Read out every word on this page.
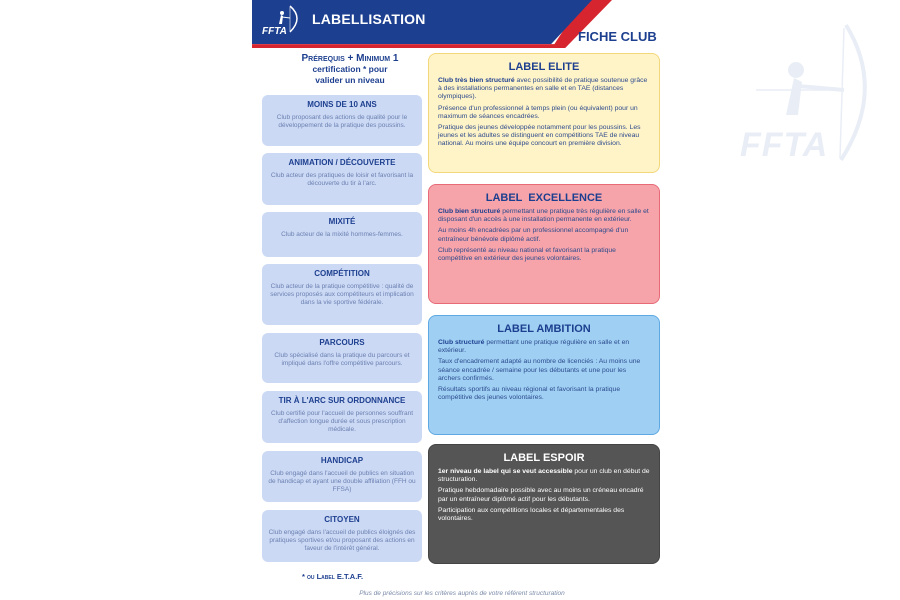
FFTA
FFTA
LABELLISATION
FICHE CLUB
Prérequis + Minimum 1
certification * pour
valider un niveau
MOINS DE 10 ANS
Club proposant des actions de qualité pour le développement de la pratique des poussins.
ANIMATION / DÉCOUVERTE
Club acteur des pratiques de loisir et favorisant la découverte du tir à l'arc.
MIXITÉ
Club acteur de la mixité hommes-femmes.
COMPÉTITION
Club acteur de la pratique compétitive : qualité de services proposés aux compétiteurs et implication dans la vie sportive fédérale.
PARCOURS
Club spécialisé dans la pratique du parcours et impliqué dans l'offre compétitive parcours.
TIR À L'ARC SUR ORDONNANCE
Club certifié pour l'accueil de personnes souffrant d'affection longue durée et sous prescription médicale.
HANDICAP
Club engagé dans l'accueil de publics en situation de handicap et ayant une double affiliation (FFH ou FFSA)
CITOYEN
Club engagé dans l'accueil de publics éloignés des pratiques sportives et/ou proposant des actions en faveur de l'intérêt général.
* ou Label E.T.A.F.
LABEL ELITE

Club très bien structuré avec possibilité de pratique soutenue grâce à des installations permanentes en salle et en TAE (distances olympiques).

Présence d'un professionnel à temps plein (ou équivalent) pour un maximum de séances encadrées.

Pratique des jeunes développée notamment pour les poussins. Les jeunes et les adultes se distinguent en compétitions TAE de niveau national. Au moins une équipe concourt en première division.

LABEL  EXCELLENCE

Club bien structuré permettant une pratique très régulière en salle et disposant d'un accès à une installation permanente en extérieur.

Au moins 4h encadrées par un professionnel accompagné d'un entraîneur bénévole diplômé actif.

Club représenté au niveau national et favorisant la pratique compétitive en extérieur des jeunes volontaires.

LABEL AMBITION

Club structuré permettant une pratique régulière en salle et en extérieur.

Taux d'encadrement adapté au nombre de licenciés : Au moins une séance encadrée / semaine pour les débutants et une pour les archers confirmés.

Résultats sportifs au niveau régional et favorisant la pratique compétitive des jeunes volontaires.

LABEL ESPOIR

1er niveau de label qui se veut accessible pour un club en début de structuration.

Pratique hebdomadaire possible avec au moins un créneau encadré par un entraîneur diplômé actif pour les débutants.

Participation aux compétitions locales et départementales des volontaires.

Plus de précisions sur les critères auprès de votre référent structuration
